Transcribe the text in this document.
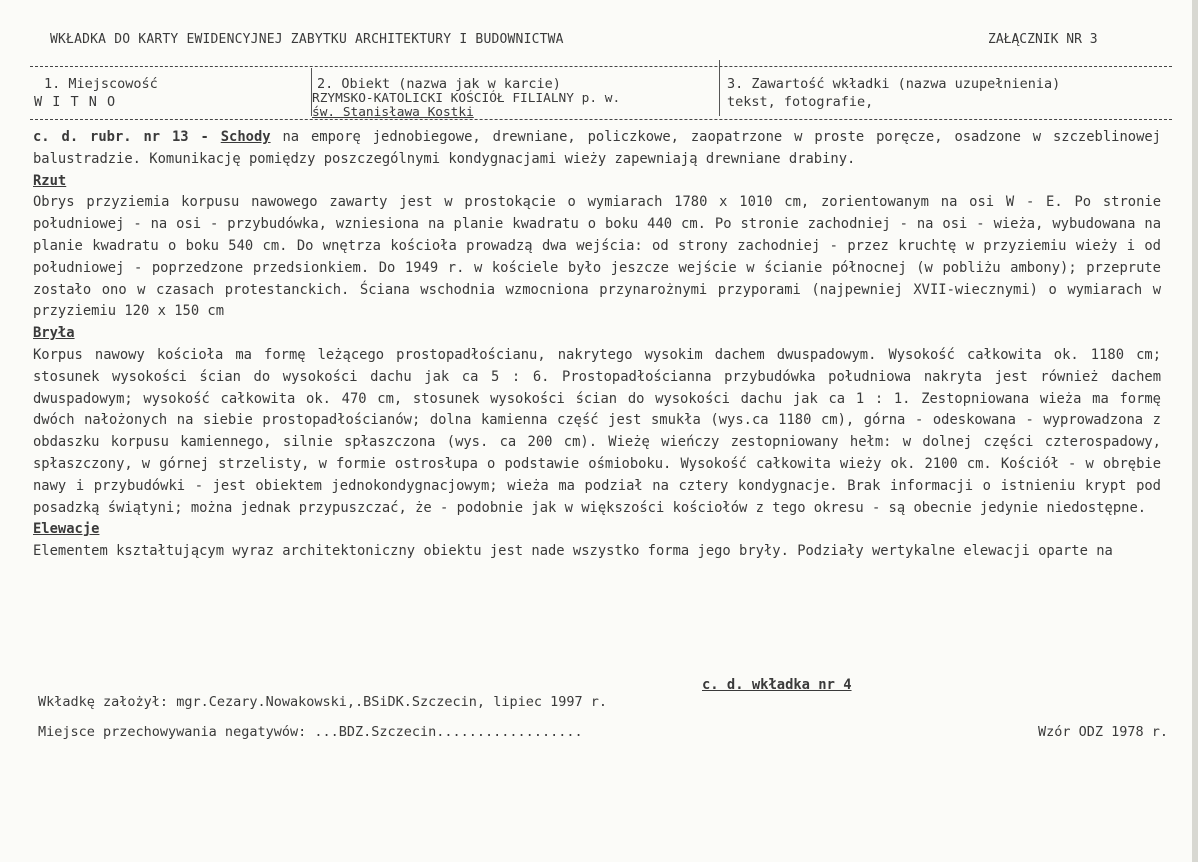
WKŁADKA DO KARTY EWIDENCYJNEJ ZABYTKU ARCHITEKTURY I BUDOWNICTWA	ZAŁĄCZNIK NR 3
1. Miejscowość
W I T N O
2. Obiekt (nazwa jak w karcie)
RZYMSKO-KATOLICKI KOŚCIÓŁ FILIALNY p. w.
św. Stanisława Kostki
3. Zawartość wkładki (nazwa uzupełnienia)
tekst, fotografie,

c. d. rubr. nr 13 - Schody na emporę jednobiegowe, drewniane, policzkowe, zaopatrzone w proste poręcze, osadzone w szczeblinowej balustradzie. Komunikację pomiędzy poszczególnymi kondygnacjami wieży zapewniają drewniane drabiny.

Rzut

Obrys przyziemia korpusu nawowego zawarty jest w prostokącie o wymiarach 1780 x 1010 cm, zorientowanym na osi W - E. Po stronie południowej - na osi - przybudówka, wzniesiona na planie kwadratu o boku 440 cm. Po stronie zachodniej - na osi - wieża, wybudowana na planie kwadratu o boku 540 cm. Do wnętrza kościoła prowadzą dwa wejścia: od strony zachodniej - przez kruchtę w przyziemiu wieży i od południowej - poprzedzone przedsionkiem. Do 1949 r. w kościele było jeszcze wejście w ścianie północnej (w pobliżu ambony); przeprute zostało ono w czasach protestanckich. Ściana wschodnia wzmocniona przynarożnymi przyporami (najpewniej XVII-wiecznymi) o wymiarach w przyziemiu 120 x 150 cm

Bryła

Korpus nawowy kościoła ma formę leżącego prostopadłościanu, nakrytego wysokim dachem dwuspadowym. Wysokość całkowita ok. 1180 cm; stosunek wysokości ścian do wysokości dachu jak ca 5 : 6. Prostopadłościanna przybudówka południowa nakryta jest również dachem dwuspadowym; wysokość całkowita ok. 470 cm, stosunek wysokości ścian do wysokości dachu jak ca 1 : 1. Zestopniowana wieża ma formę dwóch nałożonych na siebie prostopadłościanów; dolna kamienna część jest smukła (wys.ca 1180 cm), górna - odeskowana - wyprowadzona z obdaszku korpusu kamiennego, silnie spłaszczona (wys. ca 200 cm). Wieżę wieńczy zestopniowany hełm: w dolnej części czterospadowy, spłaszczony, w górnej strzelisty, w formie ostrosłupa o podstawie ośmioboku. Wysokość całkowita wieży ok. 2100 cm. Kościół - w obrębie nawy i przybudówki - jest obiektem jednokondygnacjowym; wieża ma podział na cztery kondygnacje. Brak informacji o istnieniu krypt pod posadzką świątyni; można jednak przypuszczać, że - podobnie jak w większości kościołów z tego okresu - są obecnie jedynie niedostępne.

Elewacje

Elementem kształtującym wyraz architektoniczny obiektu jest nade wszystko forma jego bryły. Podziały wertykalne elewacji oparte na

c. d. wkładka nr 4
Wkładkę założył: mgr.Cezary.Nowakowski,.BSiDK.Szczecin, lipiec 1997 r.
Miejsce przechowywania negatywów: ...BDZ.Szczecin..................	Wzór ODZ 1978 r.
